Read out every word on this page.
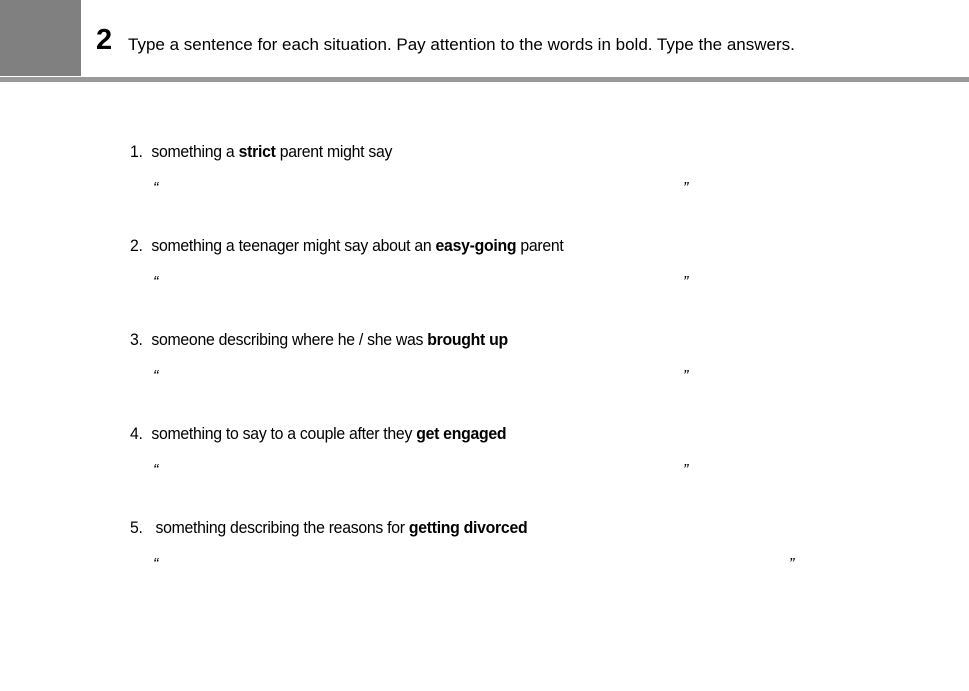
2 Type a sentence for each situation. Pay attention to the words in bold. Type the answers.
1. something a strict parent might say
“	”
2. something a teenager might say about an easy-going parent
“	”
3. someone describing where he / she was brought up
“	”
4. something to say to a couple after they get engaged
“	”
5. something describing the reasons for getting divorced
“	”
